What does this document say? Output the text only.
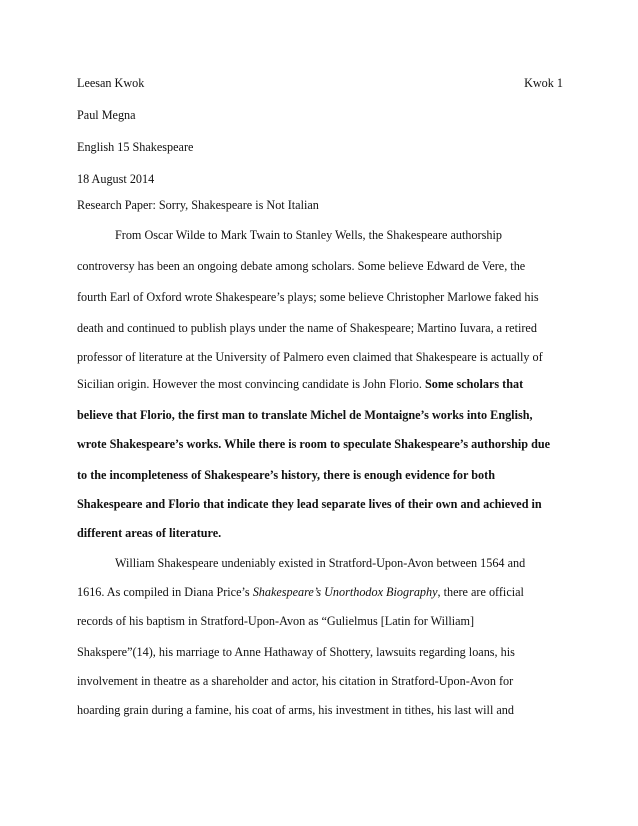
Leesan Kwok	Kwok 1
Paul Megna
English 15 Shakespeare
18 August 2014
Research Paper: Sorry, Shakespeare is Not Italian
From Oscar Wilde to Mark Twain to Stanley Wells, the Shakespeare authorship
controversy has been an ongoing debate among scholars. Some believe Edward de Vere, the
fourth Earl of Oxford wrote Shakespeare’s plays; some believe Christopher Marlowe faked his
death and continued to publish plays under the name of Shakespeare; Martino Iuvara, a retired
professor of literature at the University of Palmero even claimed that Shakespeare is actually of
Sicilian origin. However the most convincing candidate is John Florio. Some scholars that
believe that Florio, the first man to translate Michel de Montaigne’s works into English,
wrote Shakespeare’s works. While there is room to speculate Shakespeare’s authorship due
to the incompleteness of Shakespeare’s history, there is enough evidence for both
Shakespeare and Florio that indicate they lead separate lives of their own and achieved in
different areas of literature.
William Shakespeare undeniably existed in Stratford-Upon-Avon between 1564 and
1616. As compiled in Diana Price’s Shakespeare’s Unorthodox Biography, there are official
records of his baptism in Stratford-Upon-Avon as “Gulielmus [Latin for William]
Shakspere”(14), his marriage to Anne Hathaway of Shottery, lawsuits regarding loans, his
involvement in theatre as a shareholder and actor, his citation in Stratford-Upon-Avon for
hoarding grain during a famine, his coat of arms, his investment in tithes, his last will and
